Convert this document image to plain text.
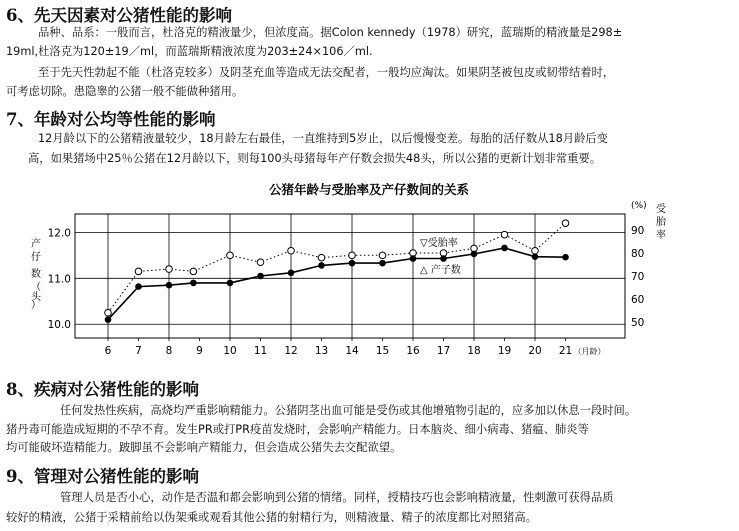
6、先天因素对公猪性能的影响
品种、品系：一般而言，杜洛克的精液量少，但浓度高。据Colon kennedy（1978）研究，蓝瑞斯的精液量是298±
19ml,杜洛克为120±19／ml，而蓝瑞斯精液浓度为203±24×106／ml.
至于先天性勃起不能（杜洛克较多）及阴茎充血等造成无法交配者，一般均应淘汰。如果阴茎被包皮或韧带结着时，
可考虑切除。患隐睾的公猪一般不能做种猪用。
7、年龄对公均等性能的影响
12月龄以下的公猪精液量较少，18月龄左右最佳，一直维持到5岁止，以后慢慢变差。每胎的活仔数从18月龄后变
高，如果猪场中25％公猪在12月龄以下，则每100头母猪每年产仔数会损失48头，所以公猪的更新计划非常重要。
公猪年龄与受胎率及产仔数间的关系
12.0
11.0
10.0
6 7 8 9 10 11 12 13 14 15 16 17 18 19 20 21 （月龄）
90
80
70
60
50
(%) 受
胎
率
产
仔
数
（
头
）
▽受胎率
△ 产子数
8、疾病对公猪性能的影响
任何发热性疾病，高烧均严重影响精能力。公猪阴茎出血可能是受伤或其他增殖物引起的，应多加以休息一段时间。
猪丹毒可能造成短期的不孕不育。发生PR或打PR疫苗发烧时，会影响产精能力。日本脑炎、细小病毒、猪瘟、肺炎等
均可能破坏造精能力。跛脚虽不会影响产精能力，但会造成公猪失去交配欲望。
9、管理对公猪性能的影响
管理人员是否小心，动作是否温和都会影响到公猪的情绪。同样，授精技巧也会影响精液量，性刺激可获得品质
较好的精液，公猪于采精前给以伪架乘或观看其他公猪的射精行为，则精液量、精子的浓度都比对照猪高。
